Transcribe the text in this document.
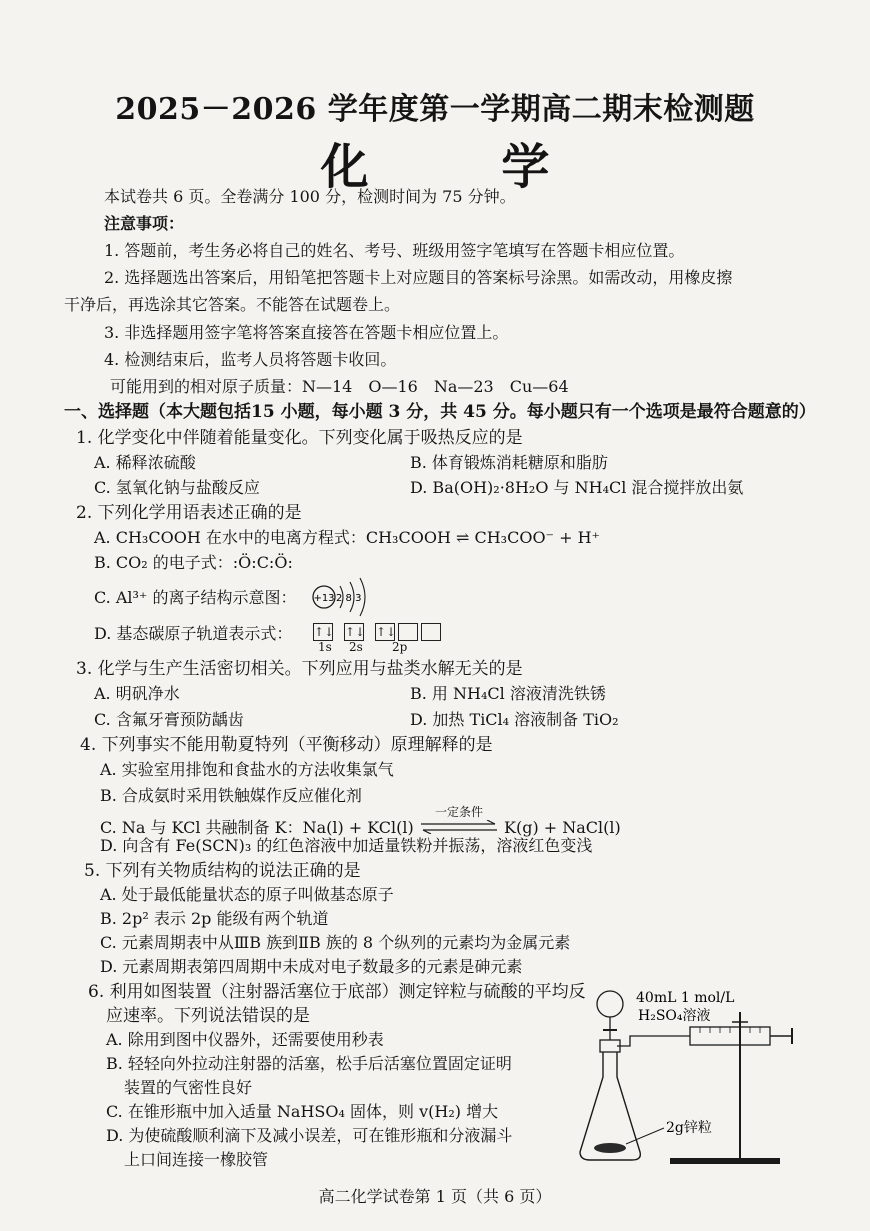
2025－2026 学年度第一学期高二期末检测题
化 学
本试卷共 6 页。全卷满分 100 分，检测时间为 75 分钟。
注意事项：
1. 答题前，考生务必将自己的姓名、考号、班级用签字笔填写在答题卡相应位置。
2. 选择题选出答案后，用铅笔把答题卡上对应题目的答案标号涂黑。如需改动，用橡皮擦
干净后，再选涂其它答案。不能答在试题卷上。
3. 非选择题用签字笔将答案直接答在答题卡相应位置上。
4. 检测结束后，监考人员将答题卡收回。
可能用到的相对原子质量：N—14　O—16　Na—23　Cu—64
一、选择题（本大题包括15 小题，每小题 3 分，共 45 分。每小题只有一个选项是最符合题意的）
1. 化学变化中伴随着能量变化。下列变化属于吸热反应的是
A. 稀释浓硫酸	B. 体育锻炼消耗糖原和脂肪
C. 氢氧化钠与盐酸反应	D. Ba(OH)₂·8H₂O 与 NH₄Cl 混合搅拌放出氨
2. 下列化学用语表述正确的是
A. CH₃COOH 在水中的电离方程式：CH₃COOH ⇌ CH₃COO⁻ + H⁺
B. CO₂ 的电子式：:Ö:C:Ö:
C. Al³⁺ 的离子结构示意图： +13 2 8 3
D. 基态碳原子轨道表示式： ↑↓ ↑↓ ↑↓
1s 2s 2p
3. 化学与生产生活密切相关。下列应用与盐类水解无关的是
A. 明矾净水	B. 用 NH₄Cl 溶液清洗铁锈
C. 含氟牙膏预防龋齿	D. 加热 TiCl₄ 溶液制备 TiO₂
4. 下列事实不能用勒夏特列（平衡移动）原理解释的是
A. 实验室用排饱和食盐水的方法收集氯气
B. 合成氨时采用铁触媒作反应催化剂
C. Na 与 KCl 共融制备 K：Na(l) + KCl(l)
一定条件
K(g) + NaCl(l)
D. 向含有 Fe(SCN)₃ 的红色溶液中加适量铁粉并振荡，溶液红色变浅
5. 下列有关物质结构的说法正确的是
A. 处于最低能量状态的原子叫做基态原子
B. 2p² 表示 2p 能级有两个轨道
C. 元素周期表中从ⅢB 族到ⅡB 族的 8 个纵列的元素均为金属元素
D. 元素周期表第四周期中未成对电子数最多的元素是砷元素
6. 利用如图装置（注射器活塞位于底部）测定锌粒与硫酸的平均反
应速率。下列说法错误的是
A. 除用到图中仪器外，还需要使用秒表
B. 轻轻向外拉动注射器的活塞，松手后活塞位置固定证明
装置的气密性良好
C. 在锥形瓶中加入适量 NaHSO₄ 固体，则 v(H₂) 增大
D. 为使硫酸顺利滴下及减小误差，可在锥形瓶和分液漏斗
上口间连接一橡胶管
40mL 1 mol/L
H₂SO₄溶液
2g锌粒
高二化学试卷第 1 页（共 6 页）
